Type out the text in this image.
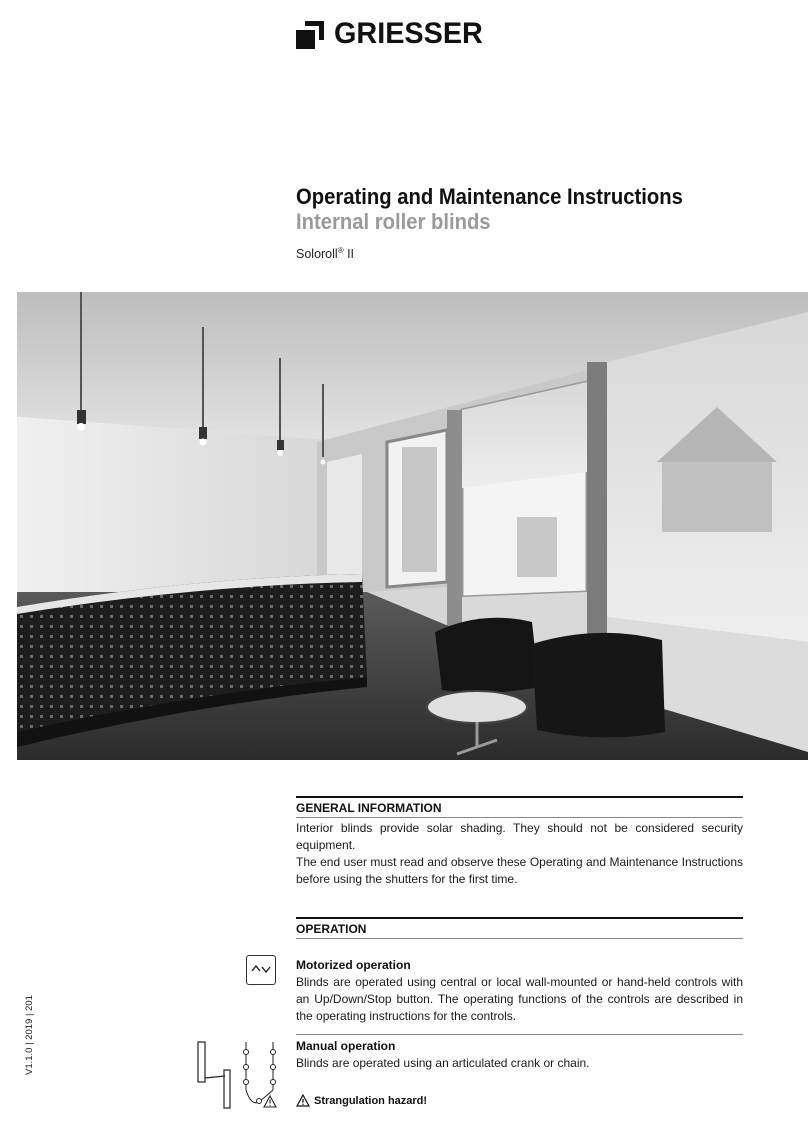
GRIESSER
Operating and Maintenance Instructions
Internal roller blinds
Soloroll® II
GENERAL INFORMATION
Interior blinds provide solar shading. They should not be considered security equipment.
The end user must read and observe these Operating and Maintenance Instructions before using the shutters for the first time.
OPERATION
Motorized operation
Blinds are operated using central or local wall-mounted or hand-held controls with an Up/Down/Stop button. The operating functions of the controls are described in the operating instructions for the controls.
Manual operation
Blinds are operated using an articulated crank or chain.
Strangulation hazard!
V1.1.0 | 2019 | 201
